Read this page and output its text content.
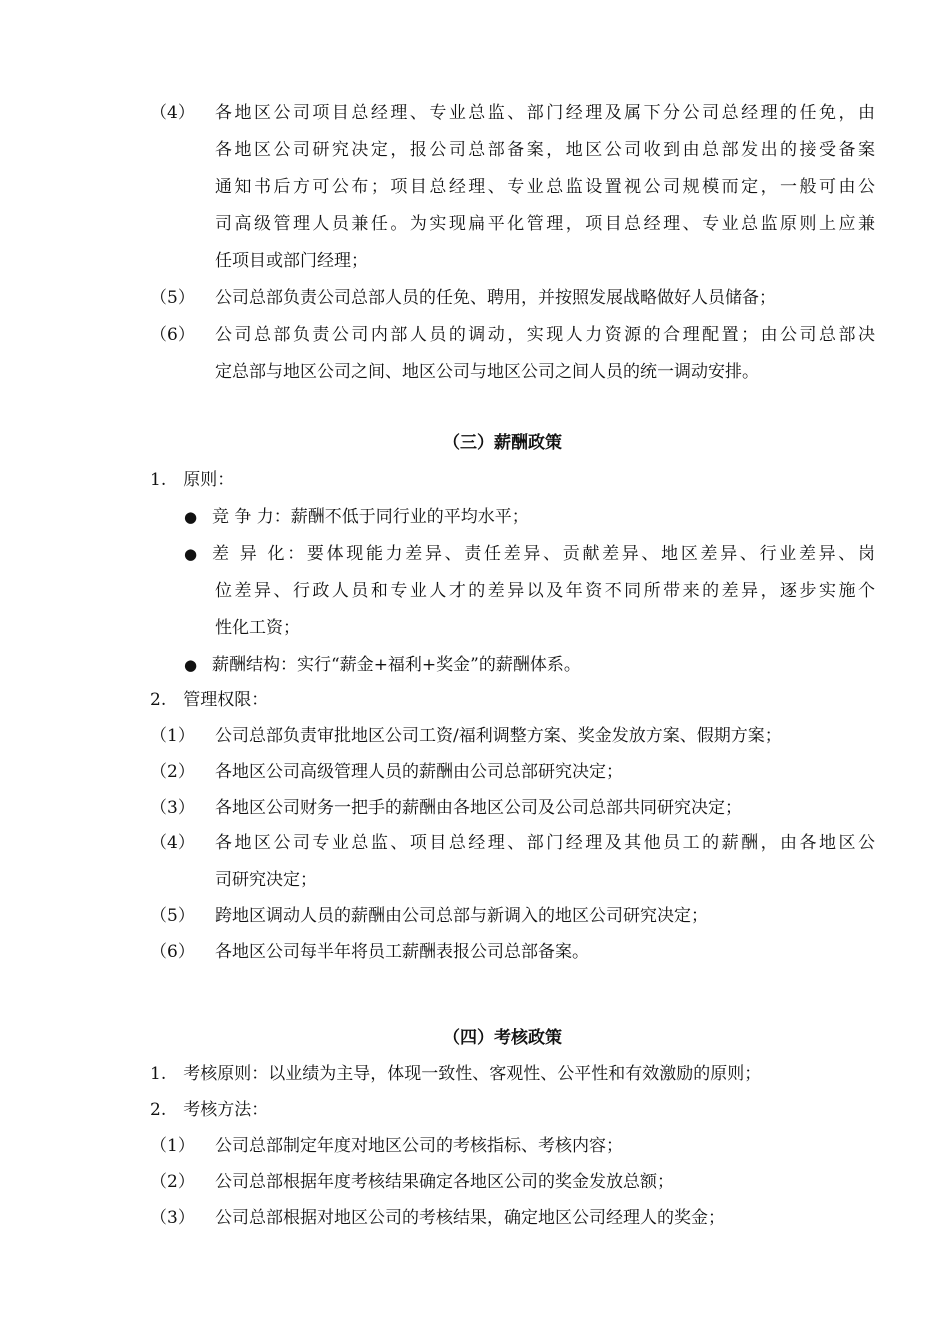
（4） 各地区公司项目总经理、专业总监、部门经理及属下分公司总经理的任免，由
各地区公司研究决定，报公司总部备案，地区公司收到由总部发出的接受备案
通知书后方可公布；项目总经理、专业总监设置视公司规模而定，一般可由公
司高级管理人员兼任。为实现扁平化管理，项目总经理、专业总监原则上应兼
任项目或部门经理；
（5） 公司总部负责公司总部人员的任免、聘用，并按照发展战略做好人员储备；
（6） 公司总部负责公司内部人员的调动，实现人力资源的合理配置；由公司总部决
定总部与地区公司之间、地区公司与地区公司之间人员的统一调动安排。
（三）薪酬政策
1.　原则：
● 竞 争 力：薪酬不低于同行业的平均水平；
● 差 异 化：要体现能力差异、责任差异、贡献差异、地区差异、行业差异、岗
位差异、行政人员和专业人才的差异以及年资不同所带来的差异，逐步实施个
性化工资；
● 薪酬结构：实行“薪金+福利+奖金”的薪酬体系。
2.　管理权限：
（1） 公司总部负责审批地区公司工资/福利调整方案、奖金发放方案、假期方案；
（2） 各地区公司高级管理人员的薪酬由公司总部研究决定；
（3） 各地区公司财务一把手的薪酬由各地区公司及公司总部共同研究决定；
（4） 各地区公司专业总监、项目总经理、部门经理及其他员工的薪酬，由各地区公
司研究决定；
（5） 跨地区调动人员的薪酬由公司总部与新调入的地区公司研究决定；
（6） 各地区公司每半年将员工薪酬表报公司总部备案。
（四）考核政策
1.　考核原则：以业绩为主导，体现一致性、客观性、公平性和有效激励的原则；
2.　考核方法：
（1） 公司总部制定年度对地区公司的考核指标、考核内容；
（2） 公司总部根据年度考核结果确定各地区公司的奖金发放总额；
（3） 公司总部根据对地区公司的考核结果，确定地区公司经理人的奖金；
